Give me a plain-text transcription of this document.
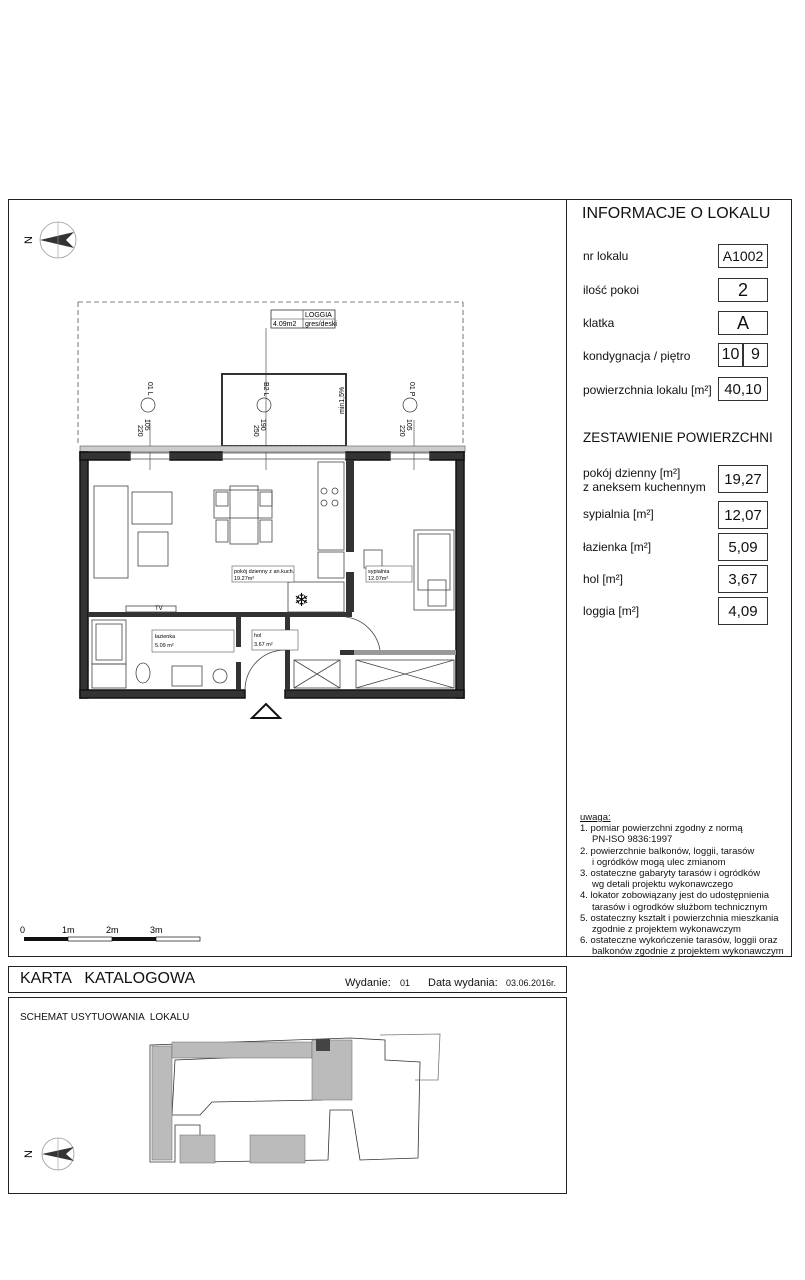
INFORMACJE O LOKALU
nr lokalu	A1002
ilość pokoi	2
klatka	A
kondygnacja / piętro 10 9
powierzchnia lokalu [m²] 40,10
ZESTAWIENIE POWIERZCHNI
pokój dzienny [m²]
z aneksem kuchennym	19,27
sypialnia [m²]	12,07
łazienka [m²]	5,09
hol [m²]	3,67
loggia [m²]	4,09
uwaga:
1. pomiar powierzchni zgodny z normą
PN-ISO 9836:1997
2. powierzchnie balkonów, loggii, tarasów
i ogródków mogą ulec zmianom
3. ostateczne gabaryty tarasów i ogródków
wg detali projektu wykonawczego
4. lokator zobowiązany jest do udostępnienia
tarasów i ogrodków służbom technicznym
5. ostateczny kształt i powierzchnia mieszkania
zgodnie z projektem wykonawczym
6. ostateczne wykończenie tarasów, loggii oraz
balkonów zgodnie z projektem wykonawczym
N
LOGGIA
4.09m2 gres/deski
min1,5%
01 L
105
220
B2 L
190
250
01 P
105
220
TV	❄
pokój dzienny z an.kuch.
19.27m²
sypialnia
12.07m²
łazienka
5.09 m²
hol
3.67 m²
0	1m	2m	3m
KARTA   KATALOGOWA	Wydanie: 01 Data wydania: 03.06.2016r.
SCHEMAT USYTUOWANIA  LOKALU
N
